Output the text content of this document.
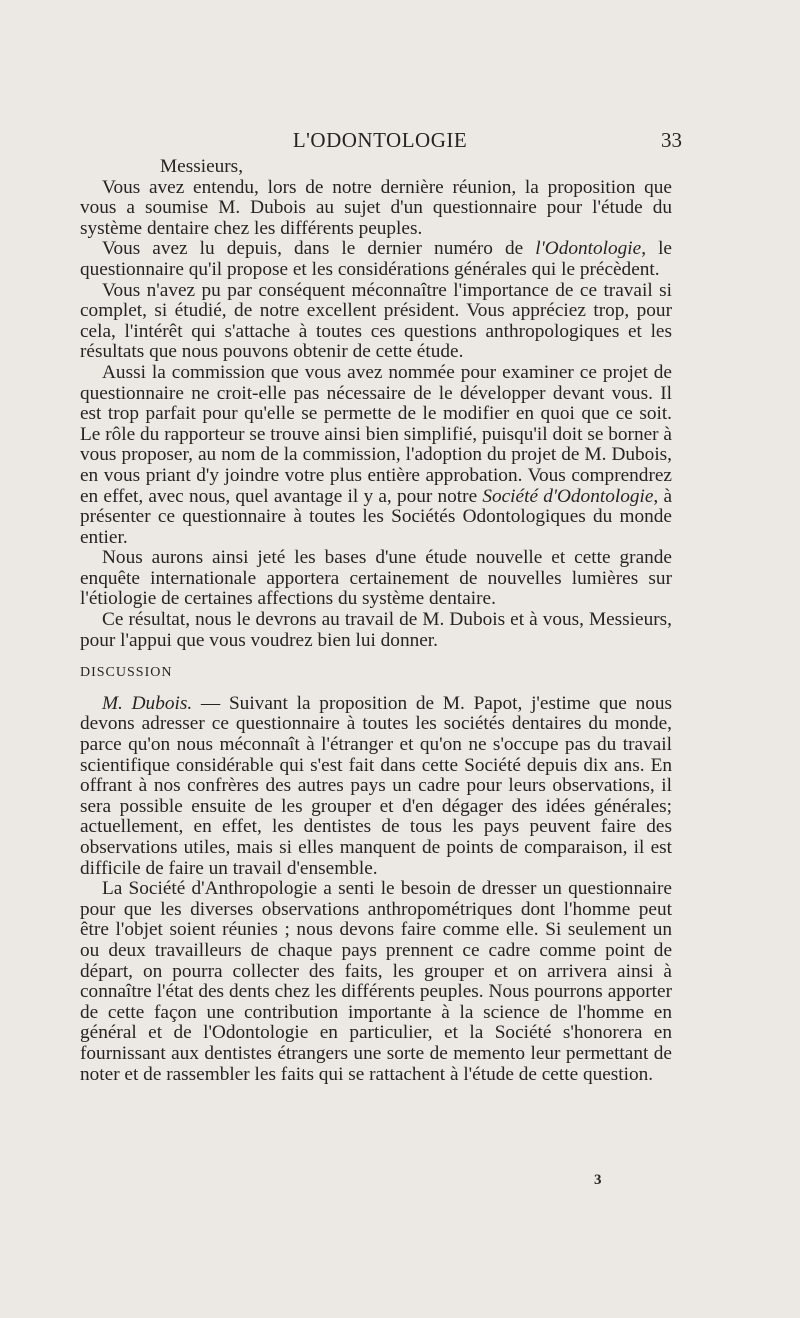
L'ODONTOLOGIE	33

Messieurs,

Vous avez entendu, lors de notre dernière réunion, la proposition que vous a soumise M. Dubois au sujet d'un questionnaire pour l'étude du système dentaire chez les différents peuples.

Vous avez lu depuis, dans le dernier numéro de l'Odontologie, le questionnaire qu'il propose et les considérations générales qui le précèdent.

Vous n'avez pu par conséquent méconnaître l'importance de ce travail si complet, si étudié, de notre excellent président. Vous appréciez trop, pour cela, l'intérêt qui s'attache à toutes ces questions anthropologiques et les résultats que nous pouvons obtenir de cette étude.

Aussi la commission que vous avez nommée pour examiner ce projet de questionnaire ne croit-elle pas nécessaire de le développer devant vous. Il est trop parfait pour qu'elle se permette de le modifier en quoi que ce soit. Le rôle du rapporteur se trouve ainsi bien simplifié, puisqu'il doit se borner à vous proposer, au nom de la commission, l'adoption du projet de M. Dubois, en vous priant d'y joindre votre plus entière approbation. Vous comprendrez en effet, avec nous, quel avantage il y a, pour notre Société d'Odontologie, à présenter ce questionnaire à toutes les Sociétés Odontologiques du monde entier.

Nous aurons ainsi jeté les bases d'une étude nouvelle et cette grande enquête internationale apportera certainement de nouvelles lumières sur l'étiologie de certaines affections du système dentaire.

Ce résultat, nous le devrons au travail de M. Dubois et à vous, Messieurs, pour l'appui que vous voudrez bien lui donner.

DISCUSSION

M. Dubois. — Suivant la proposition de M. Papot, j'estime que nous devons adresser ce questionnaire à toutes les sociétés dentaires du monde, parce qu'on nous méconnaît à l'étranger et qu'on ne s'occupe pas du travail scientifique considérable qui s'est fait dans cette Société depuis dix ans. En offrant à nos confrères des autres pays un cadre pour leurs observations, il sera possible ensuite de les grouper et d'en dégager des idées générales; actuellement, en effet, les dentistes de tous les pays peuvent faire des observations utiles, mais si elles manquent de points de comparaison, il est difficile de faire un travail d'ensemble.

La Société d'Anthropologie a senti le besoin de dresser un questionnaire pour que les diverses observations anthropométriques dont l'homme peut être l'objet soient réunies ; nous devons faire comme elle. Si seulement un ou deux travailleurs de chaque pays prennent ce cadre comme point de départ, on pourra collecter des faits, les grouper et on arrivera ainsi à connaître l'état des dents chez les différents peuples. Nous pourrons apporter de cette façon une contribution importante à la science de l'homme en général et de l'Odontologie en particulier, et la Société s'honorera en fournissant aux dentistes étrangers une sorte de memento leur permettant de noter et de rassembler les faits qui se rattachent à l'étude de cette question.

3
